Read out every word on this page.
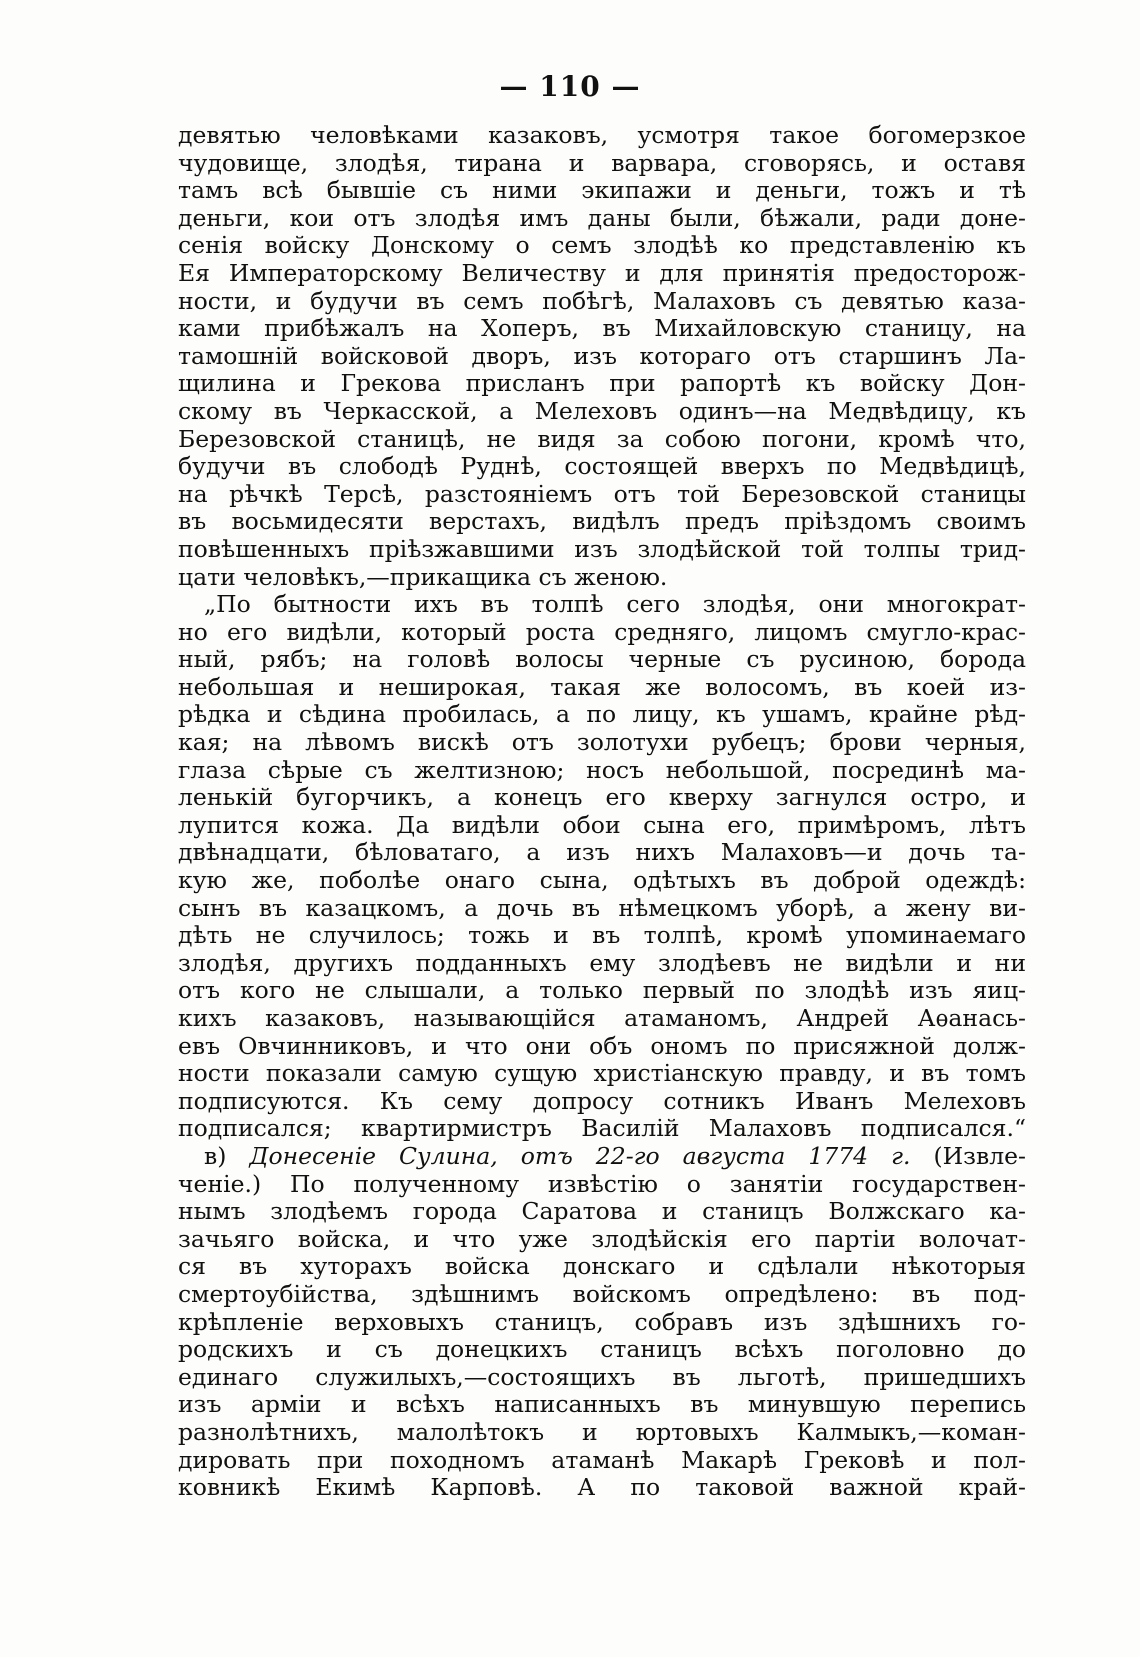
— 110 —
девятью человѣками казаковъ, усмотря такое богомерзкое
чудовище, злодѣя, тирана и варвара, сговорясь, и оставя
тамъ всѣ бывшіе съ ними экипажи и деньги, тожъ и тѣ
деньги, кои отъ злодѣя имъ даны были, бѣжали, ради доне-
сенія войску Донскому о семъ злодѣѣ ко представленію къ
Ея Императорскому Величеству и для принятія предосторож-
ности, и будучи въ семъ побѣгѣ, Малаховъ съ девятью каза-
ками прибѣжалъ на Хоперъ, въ Михайловскую станицу, на
тамошній войсковой дворъ, изъ котораго отъ старшинъ Ла-
щилина и Грекова присланъ при рапортѣ къ войску Дон-
скому въ Черкасской, а Мелеховъ одинъ—на Медвѣдицу, къ
Березовской станицѣ, не видя за собою погони, кромѣ что,
будучи въ слободѣ Руднѣ, состоящей вверхъ по Медвѣдицѣ,
на рѣчкѣ Терсѣ, разстояніемъ отъ той Березовской станицы
въ восьмидесяти верстахъ, видѣлъ предъ пріѣздомъ своимъ
повѣшенныхъ пріѣзжавшими изъ злодѣйской той толпы трид-
цати человѣкъ,—прикащика съ женою.
„По бытности ихъ въ толпѣ сего злодѣя, они многократ-
но его видѣли, который роста средняго, лицомъ смугло-крас-
ный, рябъ; на головѣ волосы черные съ русиною, борода
небольшая и неширокая, такая же волосомъ, въ коей из-
рѣдка и сѣдина пробилась, а по лицу, къ ушамъ, крайне рѣд-
кая; на лѣвомъ вискѣ отъ золотухи рубецъ; брови черныя,
глаза сѣрые съ желтизною; носъ небольшой, посрединѣ ма-
ленькій бугорчикъ, а конецъ его кверху загнулся остро, и
лупится кожа. Да видѣли обои сына его, примѣромъ, лѣтъ
двѣнадцати, бѣловатаго, а изъ нихъ Малаховъ—и дочь та-
кую же, поболѣе онаго сына, одѣтыхъ въ доброй одеждѣ:
сынъ въ казацкомъ, а дочь въ нѣмецкомъ уборѣ, а жену ви-
дѣть не случилось; тожь и въ толпѣ, кромѣ упоминаемаго
злодѣя, другихъ подданныхъ ему злодѣевъ не видѣли и ни
отъ кого не слышали, а только первый по злодѣѣ изъ яиц-
кихъ казаковъ, называющійся атаманомъ, Андрей Аѳанась-
евъ Овчинниковъ, и что они объ ономъ по присяжной долж-
ности показали самую сущую христіанскую правду, и въ томъ
подписуются. Къ сему допросу сотникъ Иванъ Мелеховъ
подписался; квартирмистръ Василій Малаховъ подписался.“
в) Донесеніе Сулина, отъ 22-го августа 1774 г. (Извле-
ченіе.) По полученному извѣстію о занятіи государствен-
нымъ злодѣемъ города Саратова и станицъ Волжскаго ка-
зачьяго войска, и что уже злодѣйскія его партіи волочат-
ся въ хуторахъ войска донскаго и сдѣлали нѣкоторыя
смертоубійства, здѣшнимъ войскомъ опредѣлено: въ под-
крѣпленіе верховыхъ станицъ, собравъ изъ здѣшнихъ го-
родскихъ и съ донецкихъ станицъ всѣхъ поголовно до
единаго служилыхъ,—состоящихъ въ льготѣ, пришедшихъ
изъ арміи и всѣхъ написанныхъ въ минувшую перепись
разнолѣтнихъ, малолѣтокъ и юртовыхъ Калмыкъ,—коман-
дировать при походномъ атаманѣ Макарѣ Грековѣ и пол-
ковникѣ Екимѣ Карповѣ. А по таковой важной край-
